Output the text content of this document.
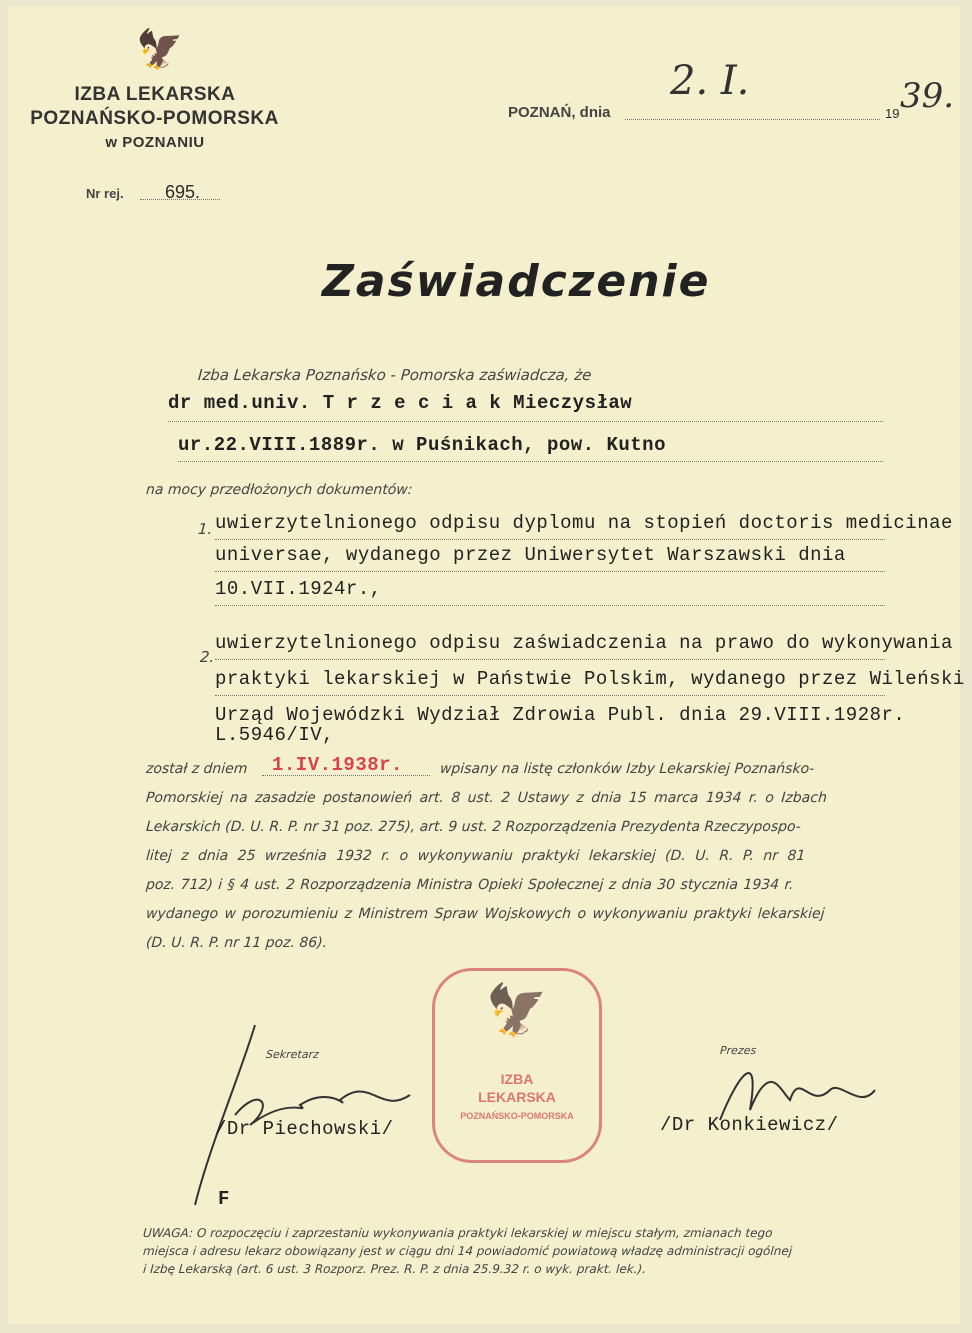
🦅
IZBA LEKARSKA
POZNAŃSKO-POMORSKA
w POZNANIU
POZNAŃ, dnia
2. I.
19 39.
Nr rej. 695.
Zaświadczenie
Izba Lekarska Poznańsko - Pomorska zaświadcza, że
dr med.univ. T r z e c i a k Mieczysław
ur.22.VIII.1889r. w Puśnikach, pow. Kutno
na mocy przedłożonych dokumentów:
1. uwierzytelnionego odpisu dyplomu na stopień doctoris medicinae
universae, wydanego przez Uniwersytet Warszawski dnia
10.VII.1924r.,
2.
uwierzytelnionego odpisu zaświadczenia na prawo do wykonywania
praktyki lekarskiej w Państwie Polskim, wydanego przez Wileński
Urząd Wojewódzki Wydział Zdrowia Publ. dnia 29.VIII.1928r.
L.5946/IV,
został z dniem 1.IV.1938r.	wpisany na listę członków Izby Lekarskiej Poznańsko-
Pomorskiej na zasadzie postanowień art. 8 ust. 2 Ustawy z dnia 15 marca 1934 r. o Izbach
Lekarskich (D. U. R. P. nr 31 poz. 275), art. 9 ust. 2 Rozporządzenia Prezydenta Rzeczypospo-
litej z dnia 25 września 1932 r. o wykonywaniu praktyki lekarskiej (D. U. R. P. nr 81
poz. 712) i § 4 ust. 2 Rozporządzenia Ministra Opieki Społecznej z dnia 30 stycznia 1934 r.
wydanego w porozumieniu z Ministrem Spraw Wojskowych o wykonywaniu praktyki lekarskiej
(D. U. R. P. nr 11 poz. 86).
Sekretarz
/Dr Piechowski/
F
🦅
IZBA
LEKARSKA
POZNAŃSKO-POMORSKA
Prezes
/Dr Konkiewicz/
UWAGA: O rozpoczęciu i zaprzestaniu wykonywania praktyki lekarskiej w miejscu stałym, zmianach tego
miejsca i adresu lekarz obowiązany jest w ciągu dni 14 powiadomić powiatową władzę administracji ogólnej
i Izbę Lekarską (art. 6 ust. 3 Rozporz. Prez. R. P. z dnia 25.9.32 r. o wyk. prakt. lek.).
